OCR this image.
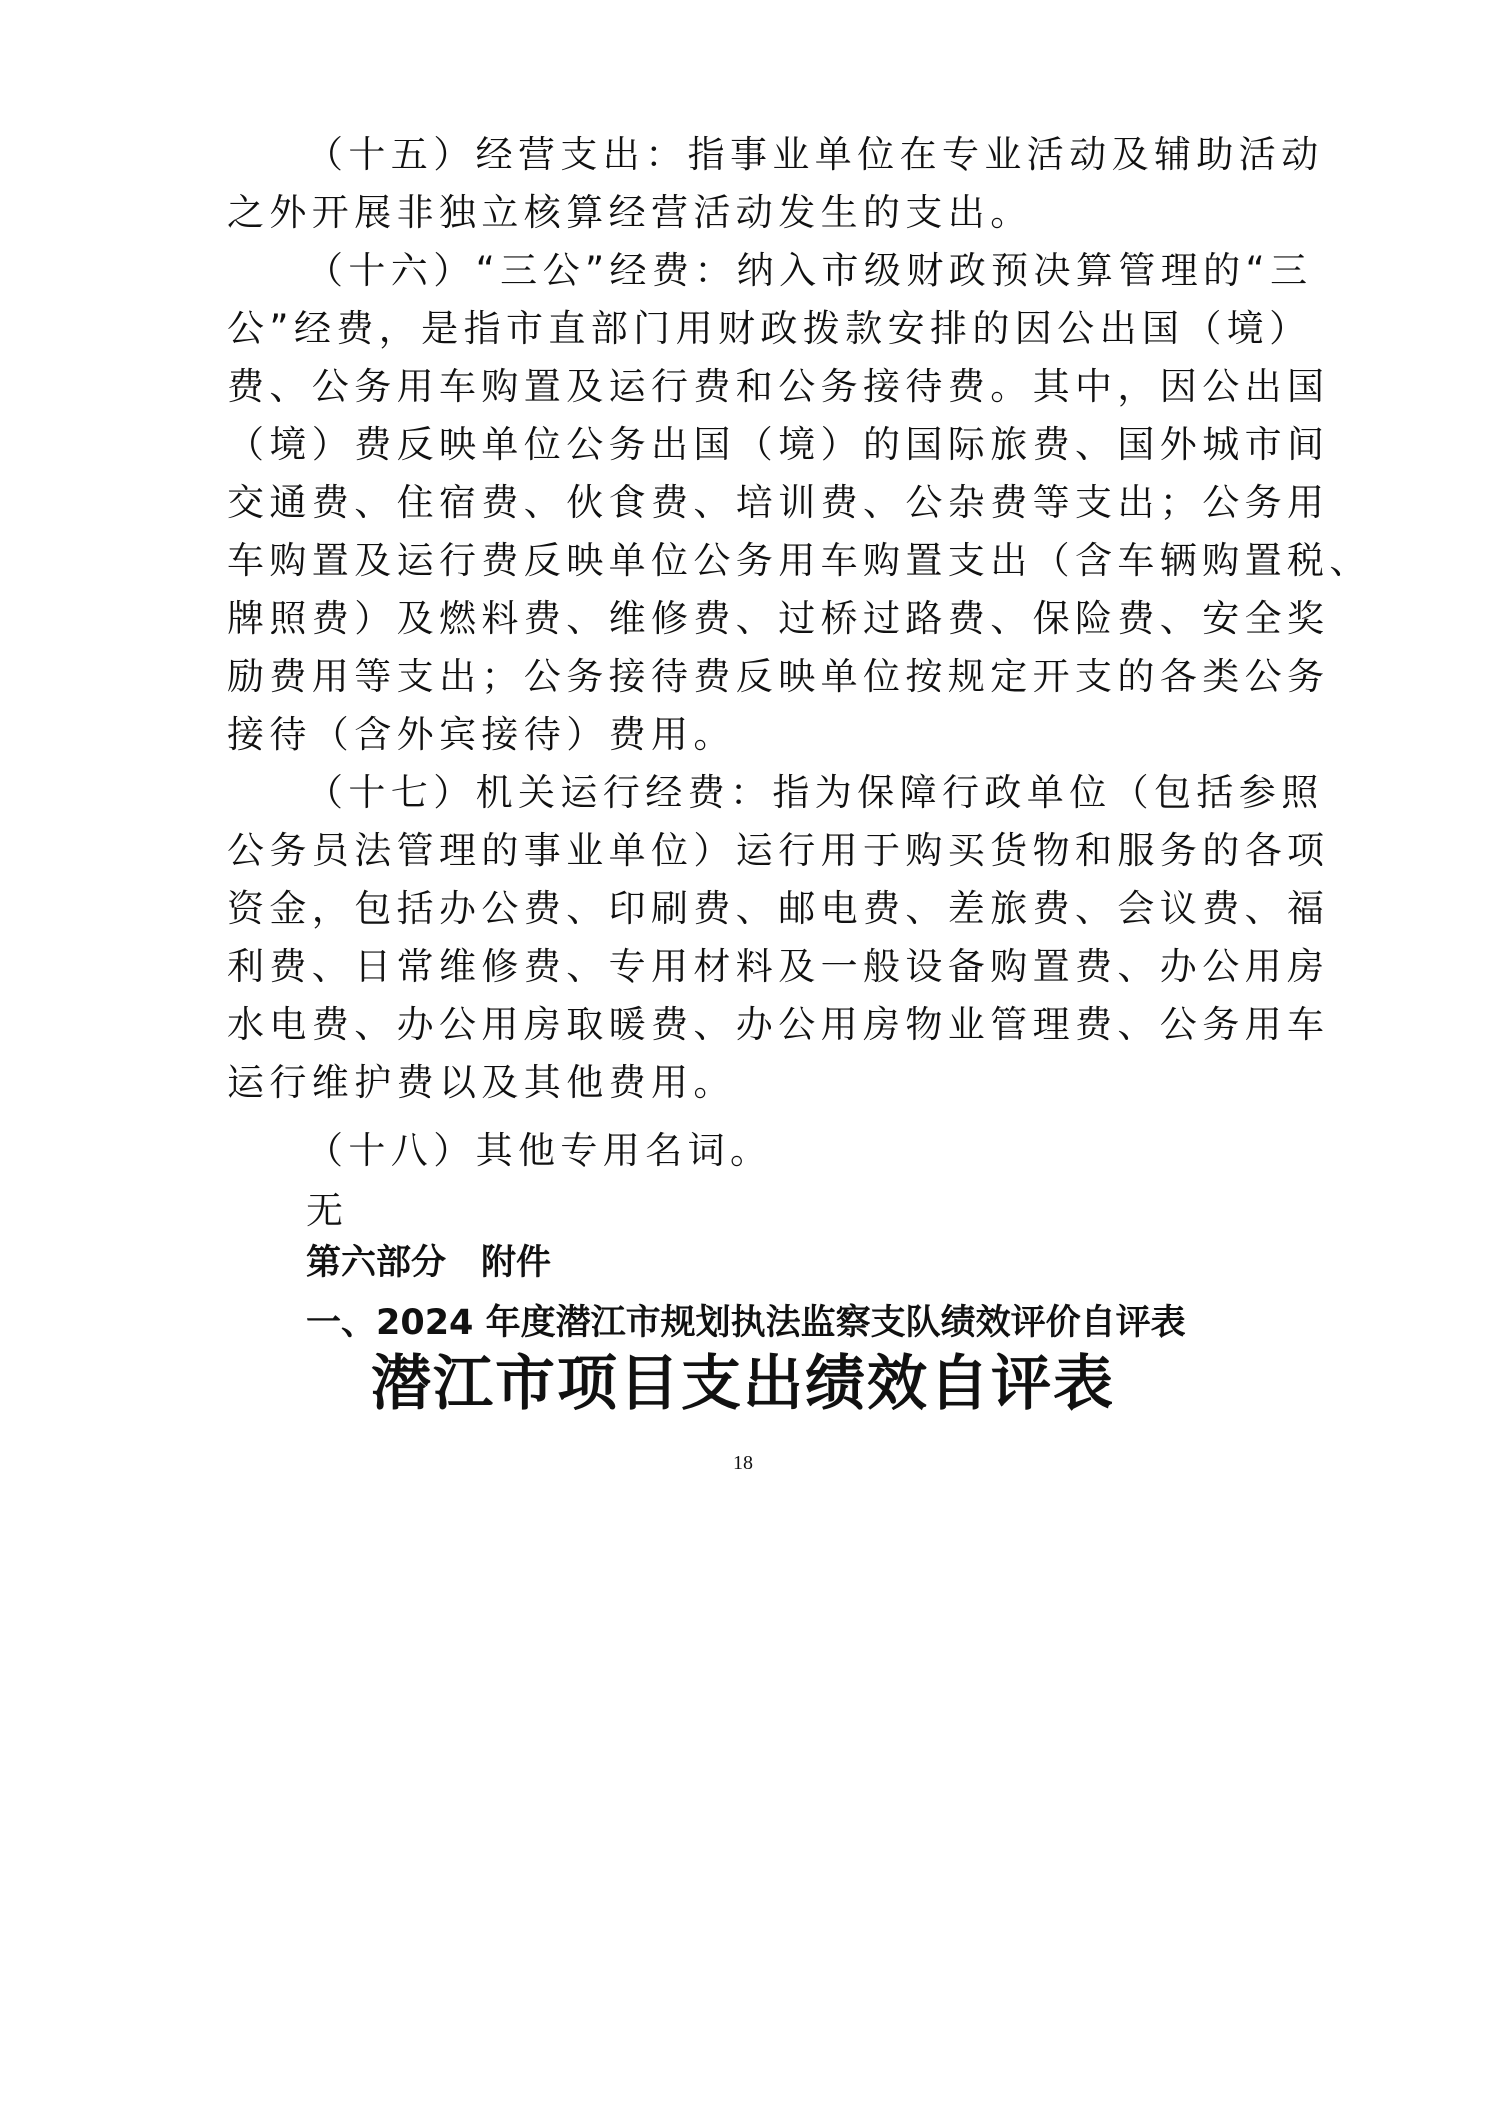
（十五）经营支出：指事业单位在专业活动及辅助活动
之外开展非独立核算经营活动发生的支出。
（十六）“三公”经费：纳入市级财政预决算管理的“三
公”经费，是指市直部门用财政拨款安排的因公出国（境）
费、公务用车购置及运行费和公务接待费。其中，因公出国
（境）费反映单位公务出国（境）的国际旅费、国外城市间
交通费、住宿费、伙食费、培训费、公杂费等支出；公务用
车购置及运行费反映单位公务用车购置支出（含车辆购置税、
牌照费）及燃料费、维修费、过桥过路费、保险费、安全奖
励费用等支出；公务接待费反映单位按规定开支的各类公务
接待（含外宾接待）费用。
（十七）机关运行经费：指为保障行政单位（包括参照
公务员法管理的事业单位）运行用于购买货物和服务的各项
资金，包括办公费、印刷费、邮电费、差旅费、会议费、福
利费、日常维修费、专用材料及一般设备购置费、办公用房
水电费、办公用房取暖费、办公用房物业管理费、公务用车
运行维护费以及其他费用。
（十八）其他专用名词。
无
第六部分　附件
一、2024 年度潜江市规划执法监察支队绩效评价自评表
潜江市项目支出绩效自评表
18
